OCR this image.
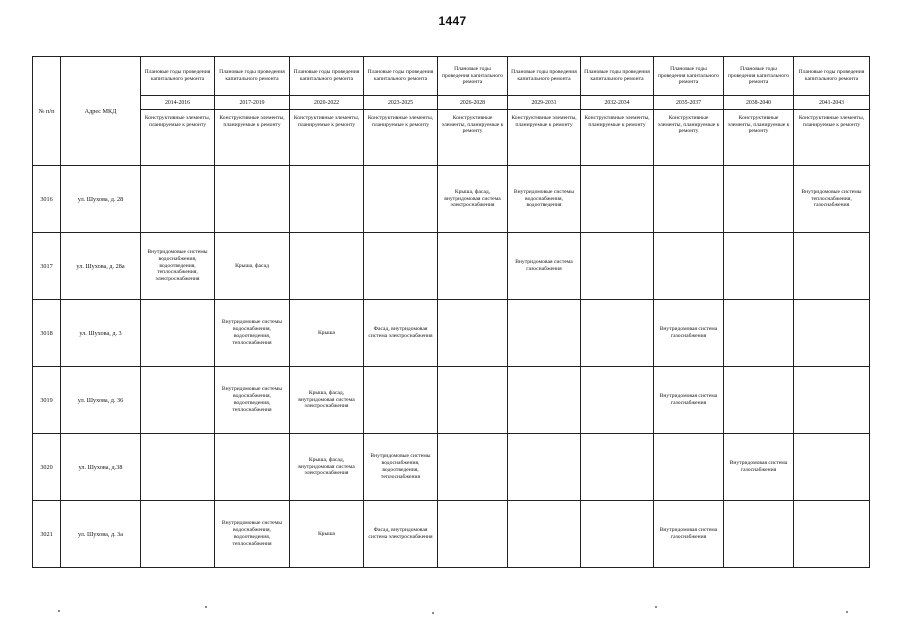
1447
№ п/п	Адрес МКД	Плановые годы проведения капитального ремонта	Плановые годы проведения капитального ремонта	Плановые годы проведения капитального ремонта	Плановые годы проведения капитального ремонта	Плановые годы проведения капитального ремонта	Плановые годы проведения капитального ремонта	Плановые годы проведения капитального ремонта	Плановые годы проведения капитального ремонта	Плановые годы проведения капитального ремонта	Плановые годы проведения капитального ремонта
		2014-2016	2017-2019	2020-2022	2023-2025	2026-2028	2029-2031	2032-2034	2035-2037	2038-2040	2041-2043
		Конструктивные элементы, планируемые к ремонту	Конструктивные элементы, планируемые к ремонту	Конструктивные элементы, планируемые к ремонту	Конструктивные элементы, планируемые к ремонту	Конструктивные элементы, планируемые к ремонту	Конструктивные элементы, планируемые к ремонту	Конструктивные элементы, планируемые к ремонту	Конструктивные элементы, планируемые к ремонту	Конструктивные элементы, планируемые к ремонту	Конструктивные элементы, планируемые к ремонту
3016	ул. Шухова, д. 28					Крыша, фасад, внутридомовая система электроснабжения	Внутридомовые системы водоснабжения, водоотведения				Внутридомовые системы теплоснабжения, газоснабжения
3017	ул. Шухова, д. 28а	Внутридомовые системы водоснабжения, водоотведения, теплоснабжения, электроснабжения	Крыша, фасад				Внутридомовая система газоснабжения				
3018	ул. Шухова, д. 3		Внутридомовые системы водоснабжения, водоотведения, теплоснабжения	Крыша	Фасад, внутридомовая система электроснабжения				Внутридомовая система газоснабжения		
3019	ул. Шухова, д. 36		Внутридомовые системы водоснабжения, водоотведения, теплоснабжения	Крыша, фасад, внутридомовая система электроснабжения					Внутридомовая система газоснабжения		
3020	ул. Шухова, д.38			Крыша, фасад, внутридомовая система электроснабжения	Внутридомовые системы водоснабжения, водоотведения, теплоснабжения					Внутридомовая система газоснабжения	
3021	ул. Шухова, д. 3а		Внутридомовые системы водоснабжения, водоотведения, теплоснабжения	Крыша	Фасад, внутридомовая система электроснабжения				Внутридомовая система газоснабжения		
